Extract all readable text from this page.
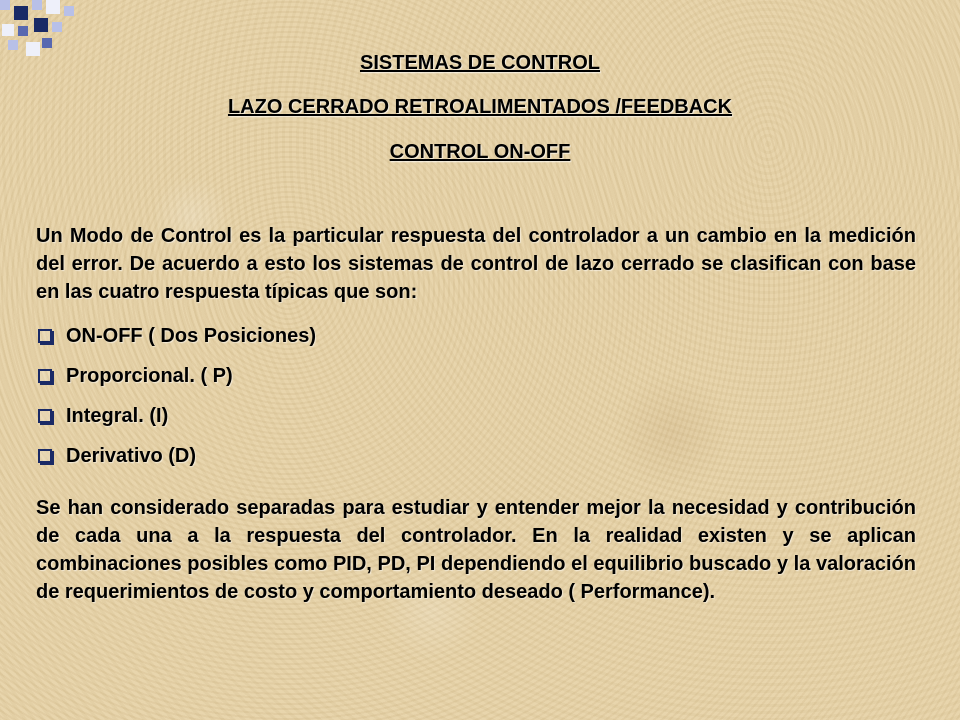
SISTEMAS DE CONTROL
LAZO CERRADO RETROALIMENTADOS /FEEDBACK
CONTROL ON-OFF

Un Modo de Control es la particular respuesta del controlador a un cambio en la medición del error. De acuerdo a esto los sistemas de control de lazo cerrado se clasifican con base en las cuatro respuesta típicas que son:

ON-OFF ( Dos Posiciones)
Proporcional. ( P)
Integral. (I)
Derivativo (D)

Se han considerado separadas para estudiar y entender mejor la necesidad y contribución de cada una a la respuesta del controlador. En la realidad existen y se aplican combinaciones posibles como PID, PD, PI dependiendo el equilibrio buscado y la valoración de requerimientos de costo y comportamiento deseado ( Performance).
